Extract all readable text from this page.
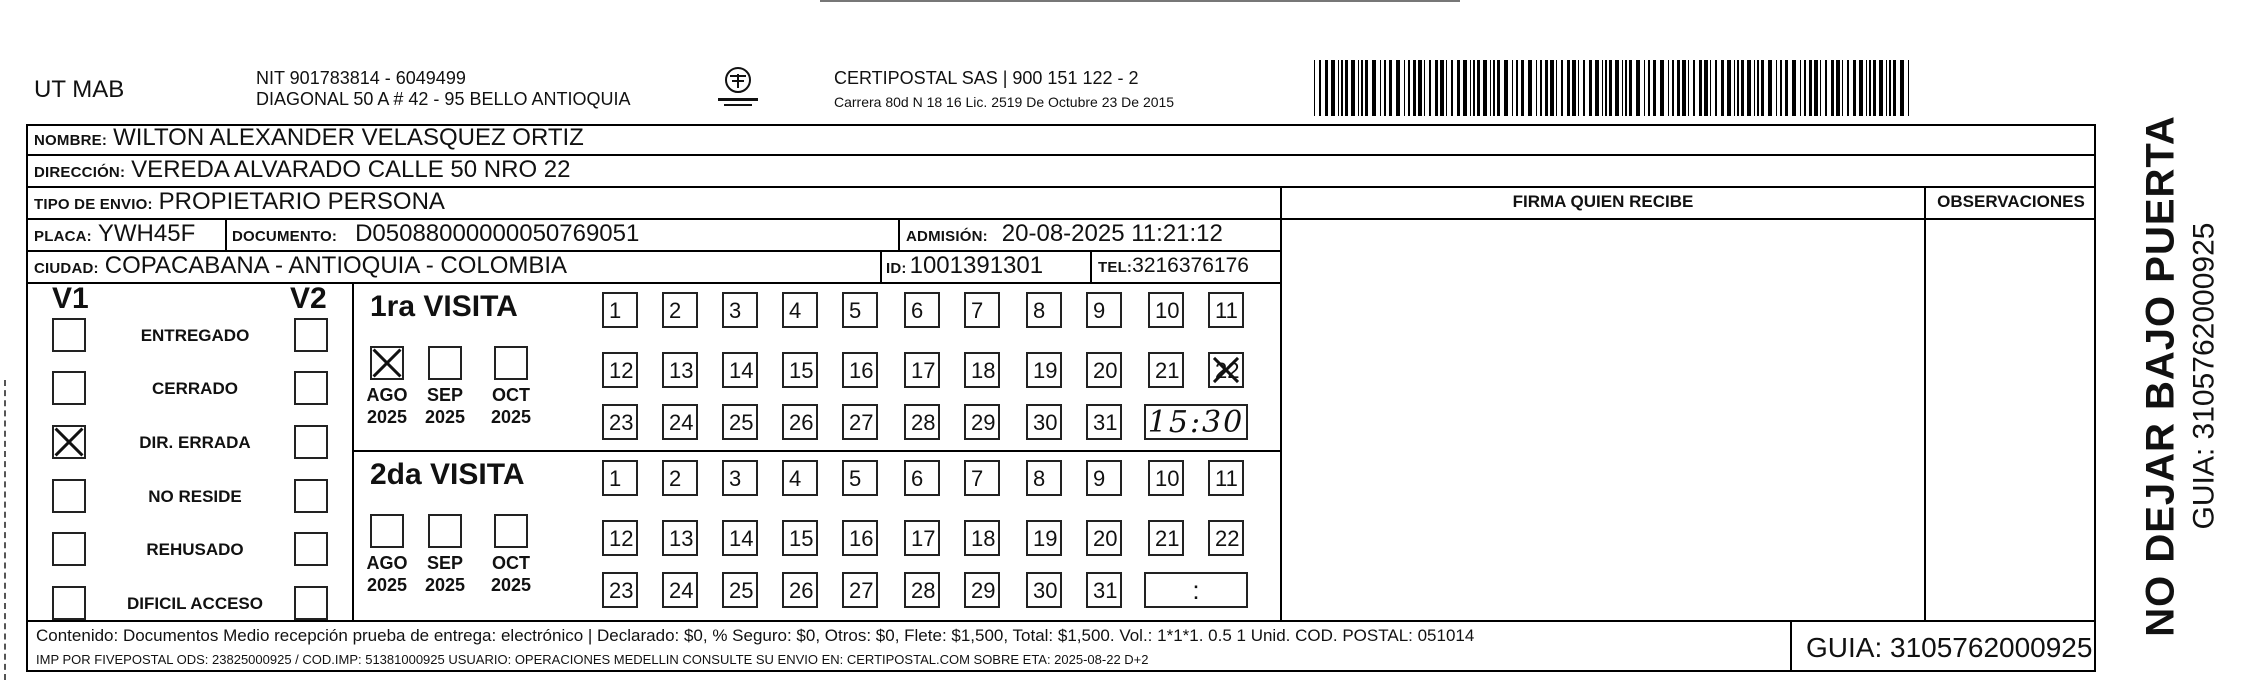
UT MAB	NIT 901783814 - 6049499
DIAGONAL 50 A # 42 - 95 BELLO ANTIOQUIA
CERTIPOSTAL SAS | 900 151 122 - 2
Carrera 80d N 18 16 Lic. 2519 De Octubre 23 De 2015
NOMBRE: WILTON ALEXANDER VELASQUEZ ORTIZ
DIRECCIÓN: VEREDA ALVARADO CALLE 50 NRO 22
TIPO DE ENVIO: PROPIETARIO PERSONA
PLACA: YWH45F DOCUMENTO: D05088000000050769051	ADMISIÓN: 20-08-2025 11:21:12
CIUDAD: COPACABANA - ANTIOQUIA - COLOMBIA	ID: 1001391301	TEL: 3216376176
FIRMA QUIEN RECIBE	OBSERVACIONES
V1	V2
ENTREGADO
CERRADO
DIR. ERRADA
NO RESIDE
REHUSADO
DIFICIL ACCESO
1ra VISITA
2da VISITA
AGO
2025
SEP
2025
OCT
2025
1	2	3	4	5	6	7	8	9	10	11
12	13	14	15	16	17	18	19	20	21	22
23	24	25	26	27	28	29	30	31 15:30
AGO
2025
SEP
2025
OCT
2025
1	2	3	4	5	6	7	8	9	10	11
12	13	14	15	16	17	18	19	20	21	22
23	24	25	26	27	28	29	30	31	:
Contenido: Documentos Medio recepción prueba de entrega: electrónico | Declarado: $0, % Seguro: $0, Otros: $0, Flete: $1,500, Total: $1,500. Vol.: 1*1*1. 0.5 1 Unid. COD. POSTAL: 051014
IMP POR FIVEPOSTAL ODS: 23825000925 / COD.IMP: 51381000925 USUARIO: OPERACIONES MEDELLIN CONSULTE SU ENVIO EN: CERTIPOSTAL.COM SOBRE ETA: 2025-08-22 D+2	GUIA: 3105762000925
NO DEJAR BAJO PUERTA GUIA: 3105762000925
